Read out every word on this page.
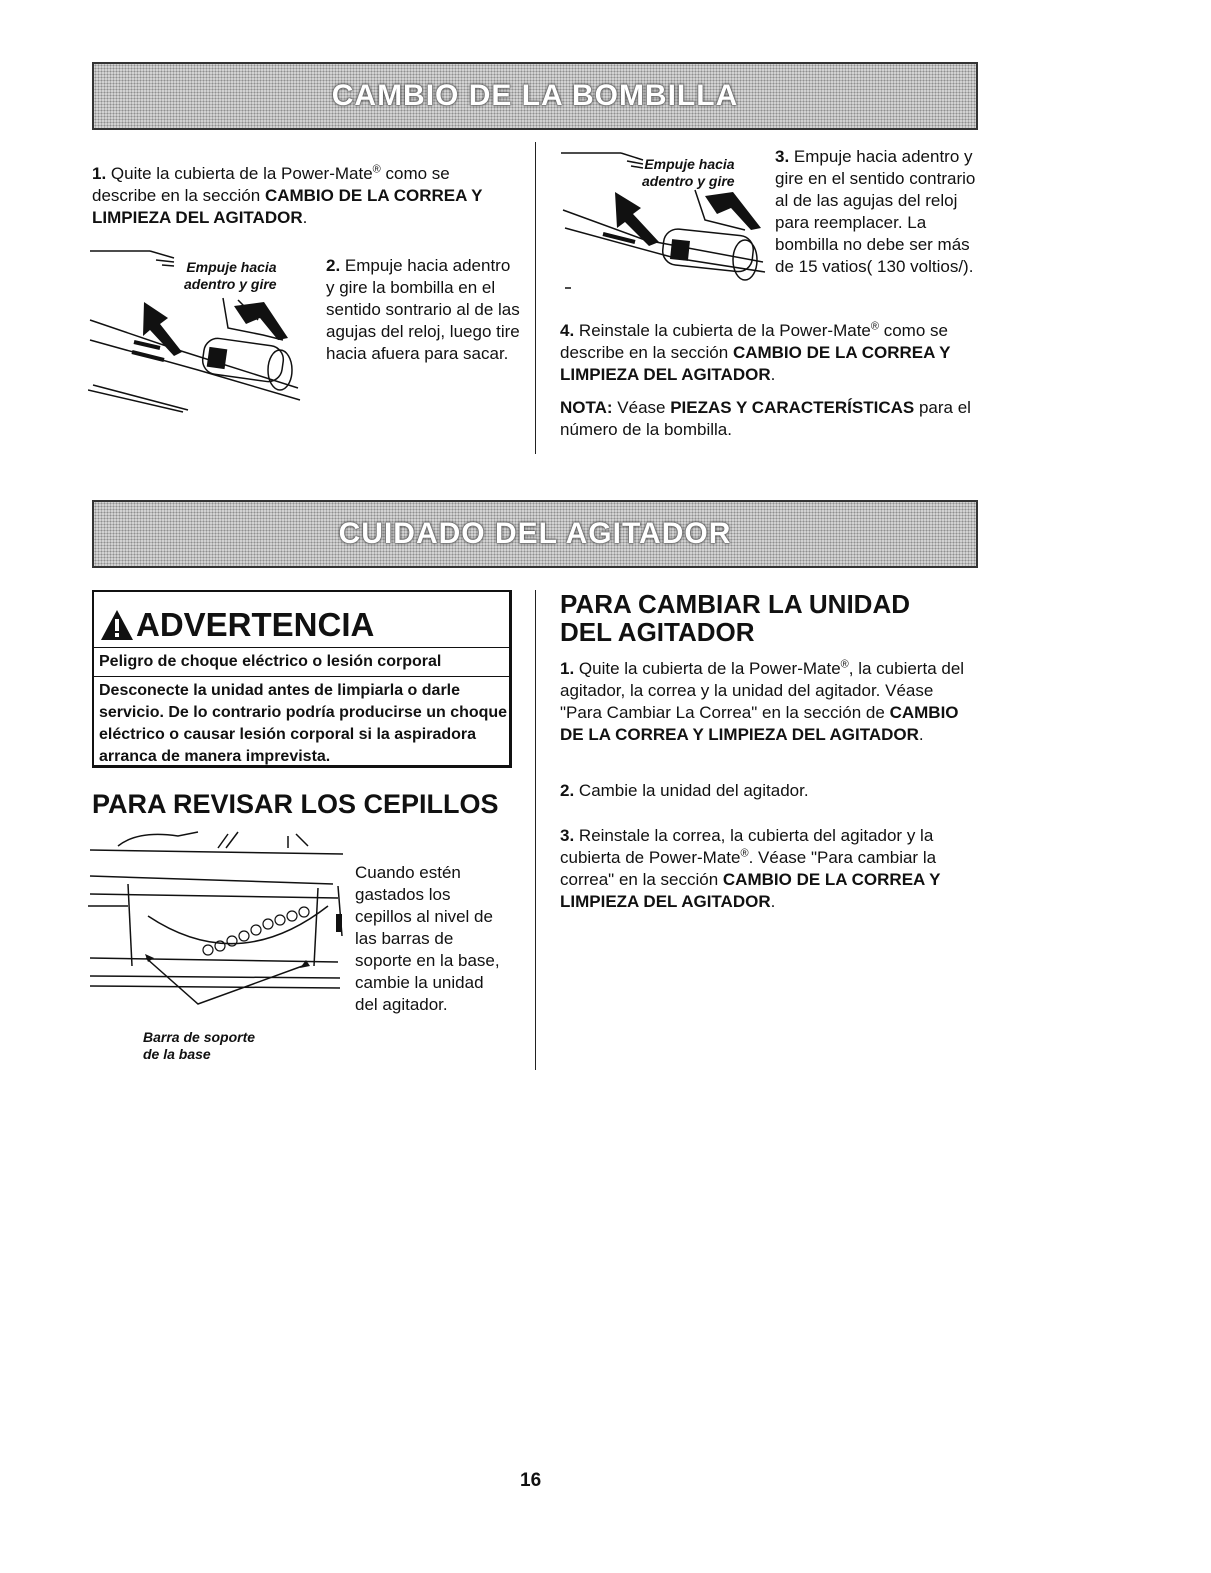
CAMBIO DE LA BOMBILLA
1. Quite la cubierta de la Power-Mate® como se describe en la sección CAMBIO DE LA CORREA Y LIMPIEZA DEL AGITADOR.
Empuje hacia
adentro y gire
2. Empuje hacia adentro y gire la bombilla en el sentido sontrario al de las agujas del reloj, luego tire hacia afuera para sacar.
Empuje hacia
adentro y gire
3. Empuje hacia adentro y gire en el sentido contrario al de las agujas del reloj para reemplacer. La bombilla no debe ser más de 15 vatios( 130 voltios/).
4. Reinstale la cubierta de la Power-Mate® como se describe en la sección CAMBIO DE LA CORREA Y LIMPIEZA DEL AGITADOR.
NOTA: Véase PIEZAS Y CARACTERÍSTICAS para el número de la bombilla.
CUIDADO DEL AGITADOR
ADVERTENCIA
Peligro de choque eléctrico o lesión corporal
Desconecte la unidad antes de limpiarla o darle servicio. De lo contrario podría producirse un choque eléctrico o causar lesión corporal si la aspiradora arranca de manera imprevista.
PARA REVISAR LOS CEPILLOS
Cuando estén gastados los cepillos al nivel de las barras de soporte en la base, cambie la unidad del agitador.
Barra de soporte
de la base
PARA CAMBIAR LA UNIDAD
DEL AGITADOR
1. Quite la cubierta de la Power-Mate®, la cubierta del agitador, la correa y la unidad del agitador. Véase "Para Cambiar La Correa" en la sección de CAMBIO DE LA CORREA Y LIMPIEZA DEL AGITADOR.
2. Cambie la unidad del agitador.
3. Reinstale la correa, la cubierta del agitador y la cubierta de Power-Mate®. Véase "Para cambiar la correa" en la sección CAMBIO DE LA CORREA Y LIMPIEZA DEL AGITADOR.
16
